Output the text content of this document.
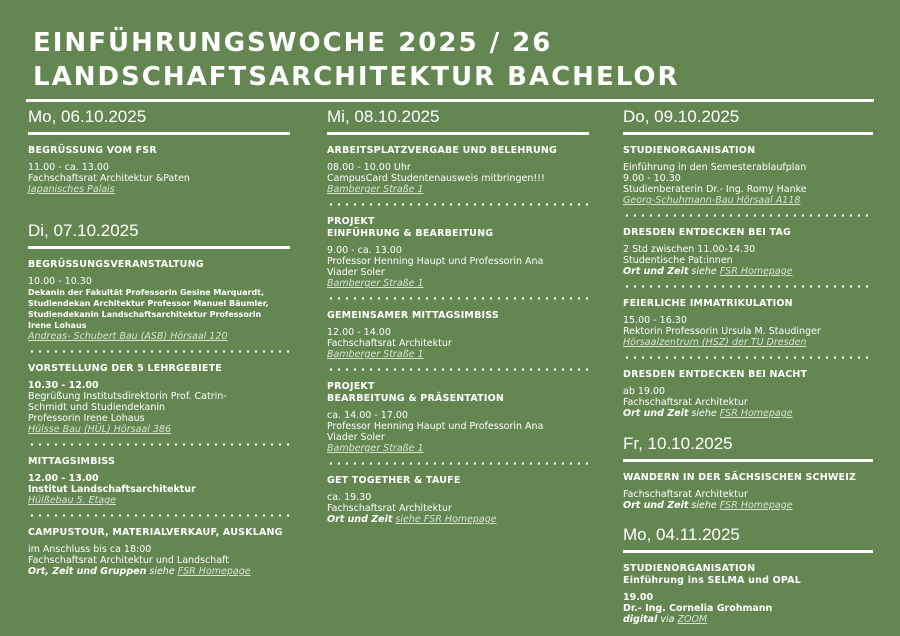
EINFÜHRUNGSWOCHE 2025 / 26
LANDSCHAFTSARCHITEKTUR BACHELOR
Mo, 06.10.2025
BEGRÜSSUNG VOM FSR
11.00 - ca. 13.00
Fachschaftsrat Architektur &Paten
Japanisches Palais
Di, 07.10.2025
BEGRÜSSUNGSVERANSTALTUNG
10.00 - 10.30
Dekanin der Fakultät Professorin Gesine Marquardt,
Studiendekan Architektur Professor Manuel Bäumler,
Studiendekanin Landschaftsarchitektur Professorin
Irene Lohaus
Andreas- Schubert Bau (ASB) Hörsaal 120
VORSTELLUNG DER 5 LEHRGEBIETE
10.30 - 12.00
Begrüßung Institutsdirektorin Prof. Catrin-
Schmidt und Studiendekanin
Professorin Irene Lohaus
Hülsse Bau (HÜL) Hörsaal 386
MITTAGSIMBISS
12.00 - 13.00
Institut Landschaftsarchitektur
Hülßebau 5. Etage
CAMPUSTOUR, MATERIALVERKAUF, AUSKLANG
im Anschluss bis ca 18:00
Fachschaftsrat Architektur und Landschaft
Ort, Zeit und Gruppen siehe FSR Homepage
Mi, 08.10.2025
ARBEITSPLATZVERGABE UND BELEHRUNG
08.00 - 10.00 Uhr
CampusCard Studentenausweis mitbringen!!!
Bamberger Straße 1
PROJEKT
EINFÜHRUNG & BEARBEITUNG
9.00 - ca. 13.00
Professor Henning Haupt und Professorin Ana
Viader Soler
Bamberger Straße 1
GEMEINSAMER MITTAGSIMBISS
12.00 - 14.00
Fachschaftsrat Architektur
Bamberger Straße 1
PROJEKT
BEARBEITUNG & PRÄSENTATION
ca. 14.00 - 17.00
Professor Henning Haupt und Professorin Ana
Viader Soler
Bamberger Straße 1
GET TOGETHER & TAUFE
ca. 19.30
Fachschaftsrat Architektur
Ort und Zeit siehe FSR Homepage
Do, 09.10.2025
STUDIENORGANISATION
Einführung in den Semesterablaufplan
9.00 - 10.30
Studienberaterin Dr.- Ing. Romy Hanke
Georg-Schuhmann-Bau Hörsaal A118
DRESDEN ENTDECKEN BEI TAG
2 Std zwischen 11.00-14.30
Studentische Pat:innen
Ort und Zeit siehe FSR Homepage
FEIERLICHE IMMATRIKULATION
15.00 - 16.30
Rektorin Professorin Ursula M. Staudinger
Hörsaalzentrum (HSZ) der TU Dresden
DRESDEN ENTDECKEN BEI NACHT
ab 19.00
Fachschaftsrat Architektur
Ort und Zeit siehe FSR Homepage
Fr, 10.10.2025
WANDERN IN DER SÄCHSISCHEN SCHWEIZ
Fachschaftsrat Architektur
Ort und Zeit siehe FSR Homepage
Mo, 04.11.2025
STUDIENORGANISATION
Einführung ins SELMA und OPAL
19.00
Dr.- Ing. Cornelia Grohmann
digital via ZOOM
